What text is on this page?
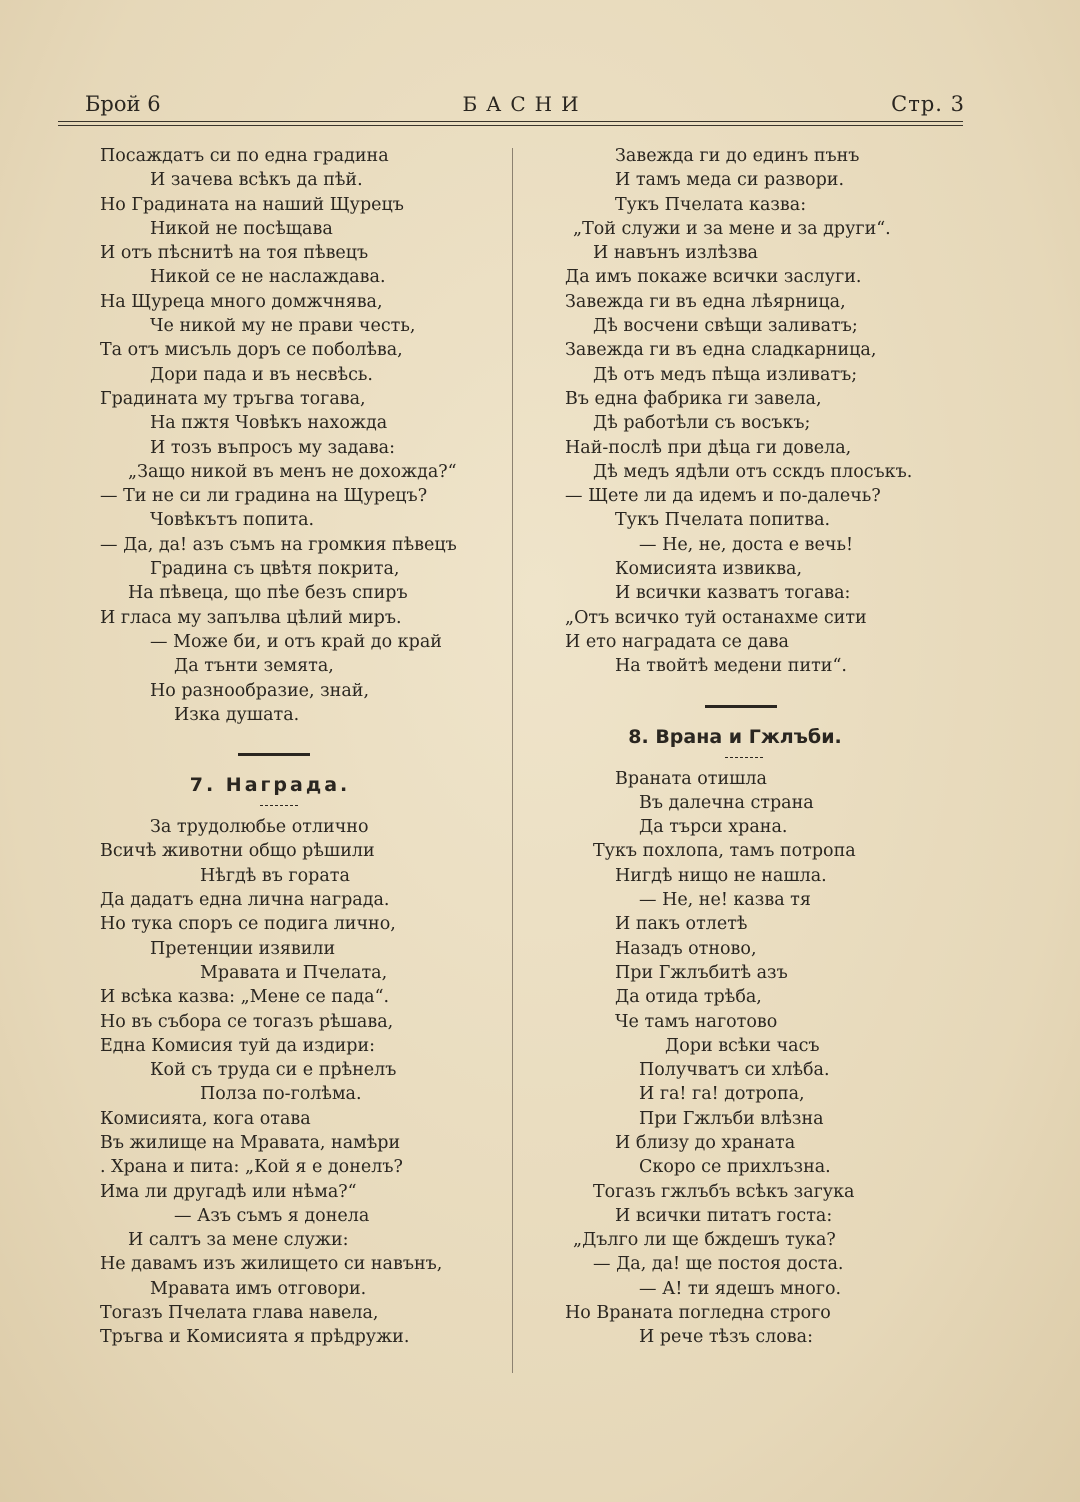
Брой 6	БАСНИ	Стр. 3
Посаждатъ си по една градина
И зачева всѣкъ да пѣй.
Но Градината на наший Щурецъ
Никой не посѣщава
И отъ пѣснитѣ на тоя пѣвецъ
Никой се не наслаждава.
На Щуреца много домжчнява,
Че никой му не прави честь,
Та отъ мисъль доръ се поболѣва,
Дори пада и въ несвѣсь.
Градината му тръгва тогава,
На пжтя Човѣкъ нахожда
И тозъ въпросъ му задава:
„Защо никой въ менъ не дохожда?“
— Ти не си ли градина на Щурецъ?
Човѣкътъ попита.
— Да, да! азъ съмъ на громкия пѣвецъ
Градина съ цвѣтя покрита,
На пѣвеца, що пѣе безъ спиръ
И гласа му запълва цѣлий миръ.
— Може би, и отъ край до край
Да тънти земята,
Но разнообразие, знай,
Изка душата.
7. Награда.
За трудолюбье отлично
Всичѣ животни общо рѣшили
Нѣгдѣ въ горaта
Да дадатъ една лична награда.
Но тука споръ се подига лично,
Претенции изявили
Мравата и Пчелата,
И всѣка казва: „Мене се пада“.
Но въ събора се тогазъ рѣшава,
Една Комисия туй да издири:
Кой съ труда си е прѣнелъ
Полза по-голѣма.
Комисията, кога отава
Въ жилище на Мравата, намѣри
. Храна и пита: „Кой я е донелъ?
Има ли другадѣ или нѣма?“
— Азъ съмъ я донела
И салтъ за мене служи:
Не давамъ изъ жилището си навънъ,
Мравата имъ отговори.
Тогазъ Пчелата глава навела,
Тръгва и Комисията я прѣдружи.
Завежда ги до единъ пънъ
И тамъ меда си развори.
Тукъ Пчелата казва:
„Той служи и за мене и за други“.
И навънъ излѣзва
Да имъ покаже всички заслуги.
Завежда ги въ една лѣярница,
Дѣ восчени свѣщи заливатъ;
Завежда ги въ една сладкарница,
Дѣ отъ медъ пѣща изливатъ;
Въ една фабрика ги завела,
Дѣ работѣли съ восъкъ;
Най-послѣ при дѣца ги довела,
Дѣ медъ ядѣли отъ сскдъ плосъкъ.
— Щете ли да идемъ и по-далечь?
Тукъ Пчелата попитва.
— Не, не, доста е вечь!
Комисията извиква,
И всички казватъ тогава:
„Отъ всичко туй останахме сити
И ето наградата се дава
На твойтѣ медени пити“.
8. Врана и Гжлъби.
Враната отишла
Въ далечна страна
Да търси храна.
Тукъ похлопа, тамъ потропа
Нигдѣ нищо не нашла.
— Не, не! казва тя
И пакъ отлетѣ
Назадъ отново,
При Гжлъбитѣ азъ
Да отида трѣба,
Че тамъ наготово
Дори всѣки часъ
Получватъ си хлѣба.
И га! га! дотропа,
При Гжлъби влѣзна
И близу до храната
Скоро се прихлъзна.
Тогазъ гжлъбъ всѣкъ загука
И всички питатъ госта:
„Дълго ли ще бждешъ тука?
— Да, да! ще постоя доста.
— А! ти ядешъ много.
Но Враната погледна строго
И рече тѣзъ слова:
